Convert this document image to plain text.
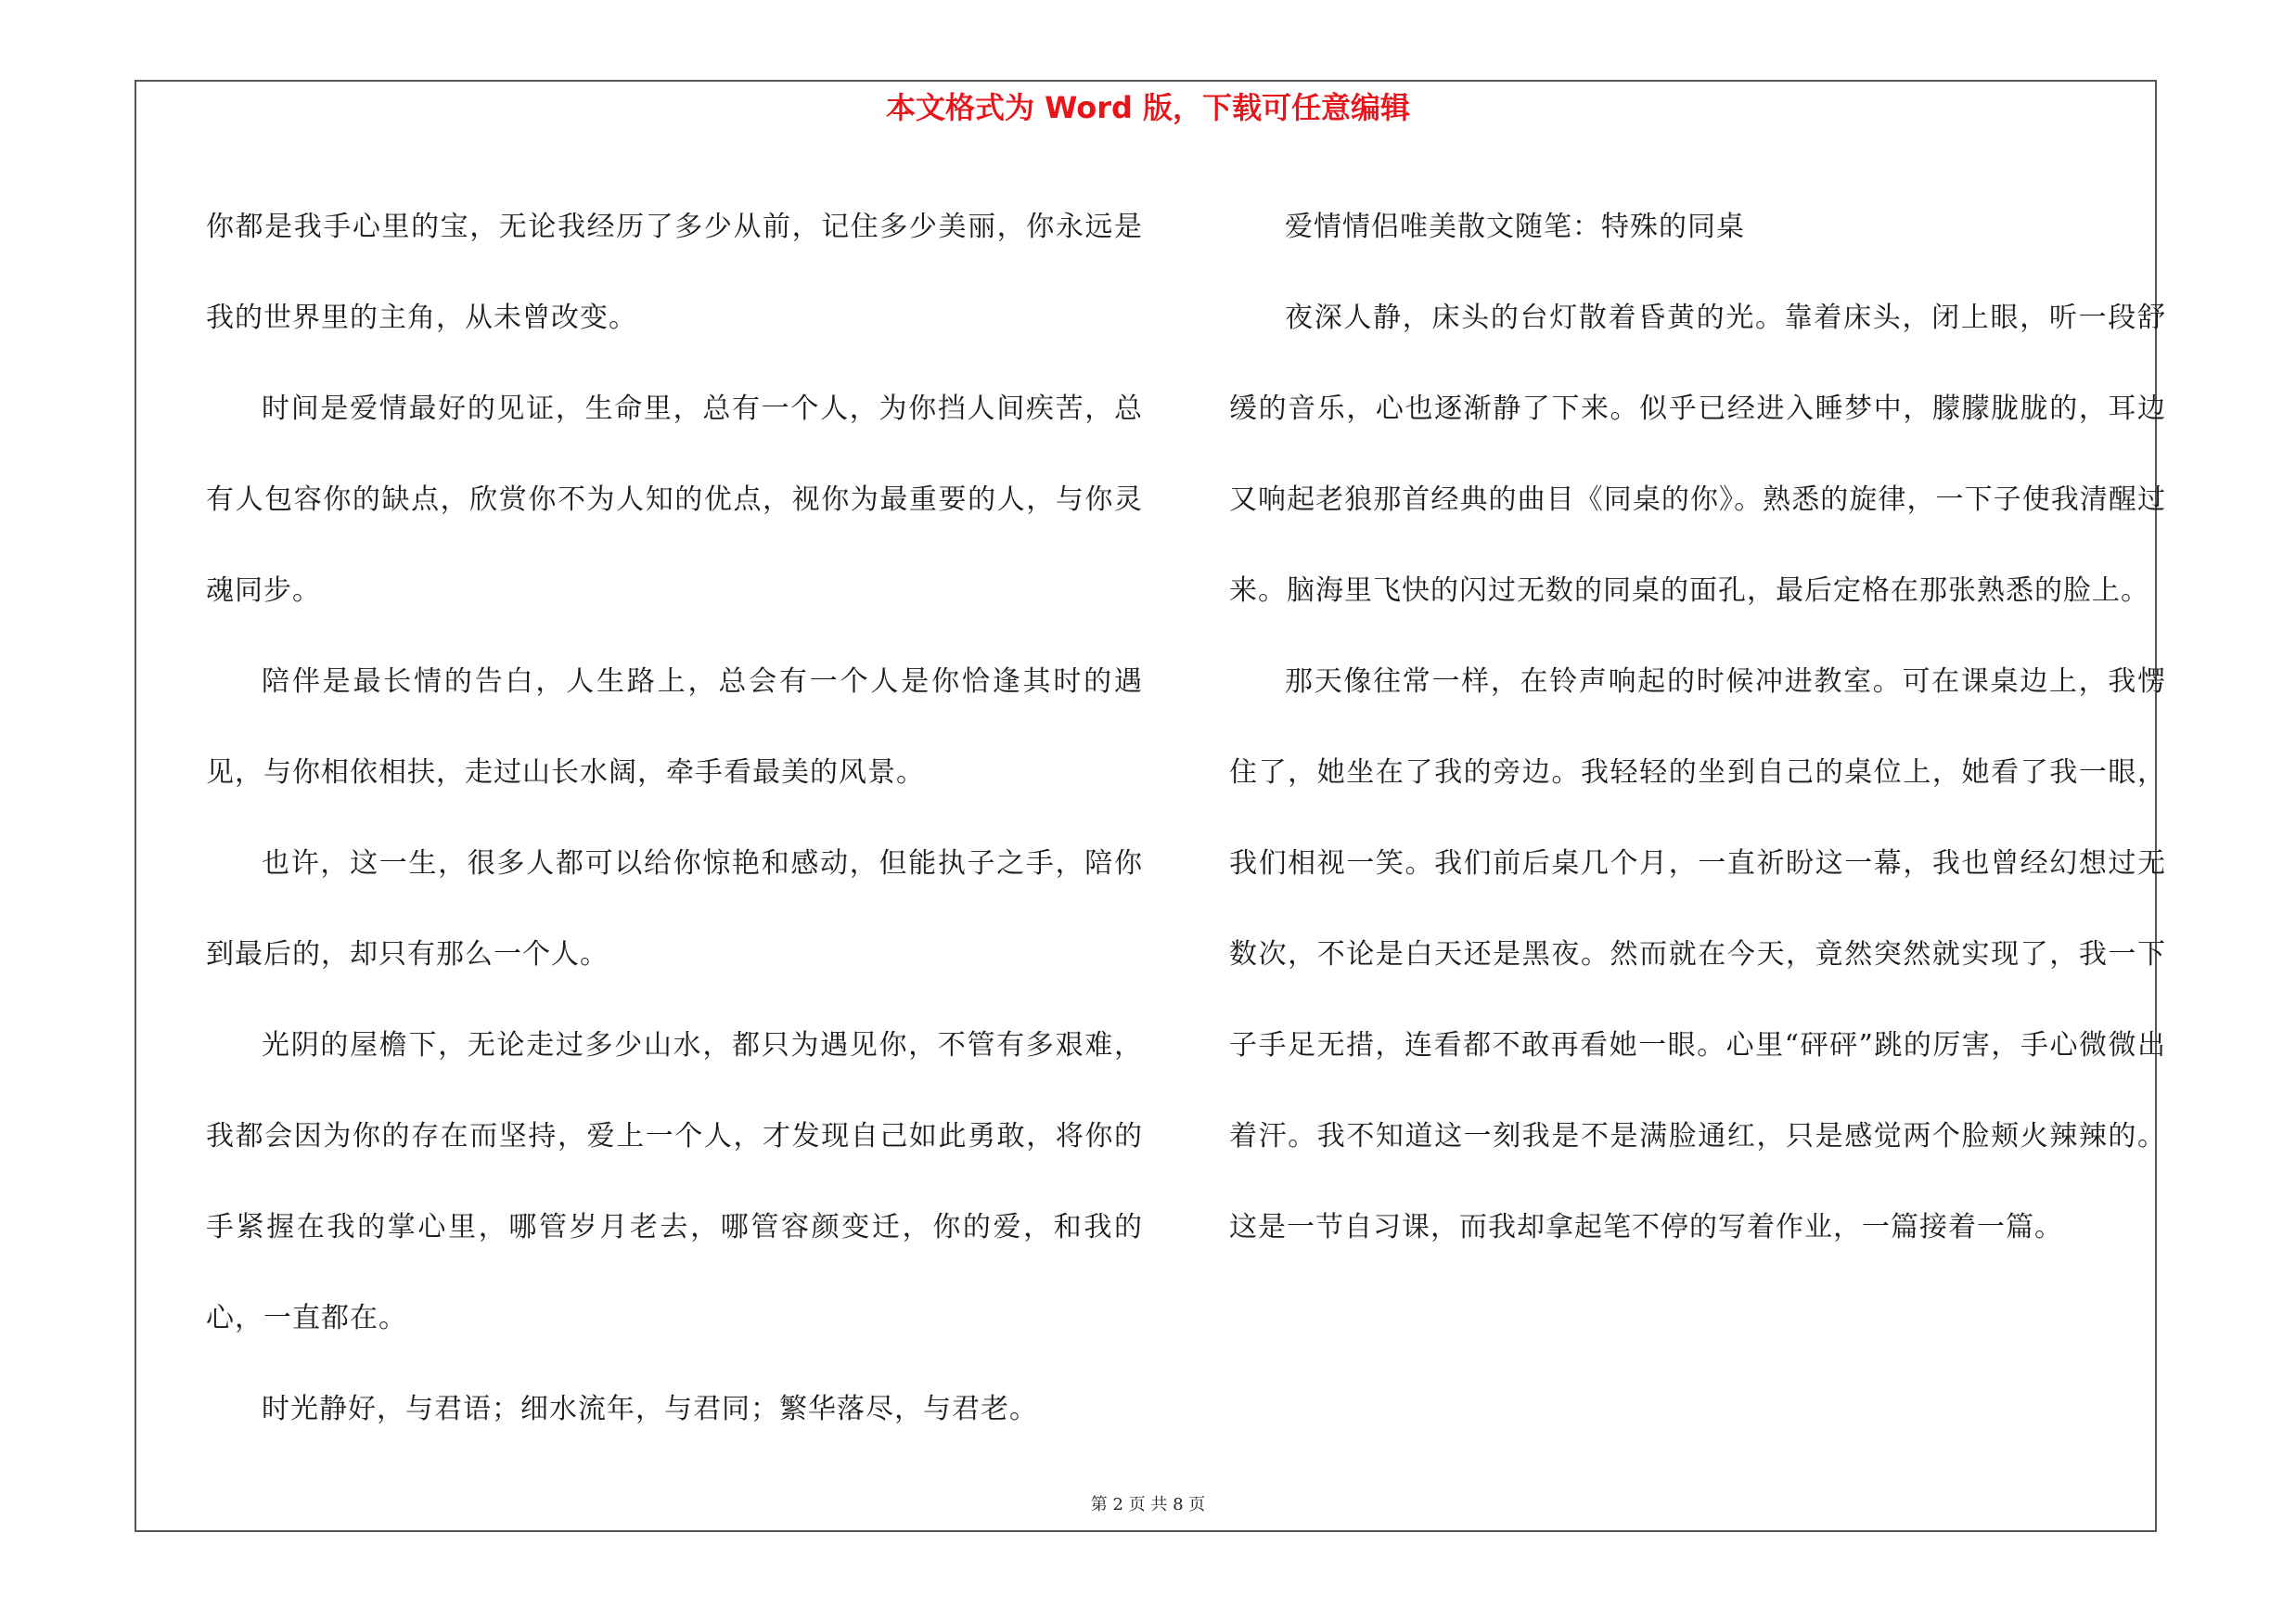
本文格式为 Word 版，下载可任意编辑

你都是我手心里的宝，无论我经历了多少从前，记住多少美丽，你永远是我的世界里的主角，从未曾改变。

时间是爱情最好的见证，生命里，总有一个人，为你挡人间疾苦，总有人包容你的缺点，欣赏你不为人知的优点，视你为最重要的人，与你灵魂同步。

陪伴是最长情的告白，人生路上，总会有一个人是你恰逢其时的遇见，与你相依相扶，走过山长水阔，牵手看最美的风景。

也许，这一生，很多人都可以给你惊艳和感动，但能执子之手，陪你到最后的，却只有那么一个人。

光阴的屋檐下，无论走过多少山水，都只为遇见你，不管有多艰难，我都会因为你的存在而坚持，爱上一个人，才发现自己如此勇敢，将你的手紧握在我的掌心里，哪管岁月老去，哪管容颜变迁，你的爱，和我的心，一直都在。

时光静好，与君语；细水流年，与君同；繁华落尽，与君老。

爱情情侣唯美散文随笔：特殊的同桌

夜深人静，床头的台灯散着昏黄的光。靠着床头，闭上眼，听一段舒缓的音乐，心也逐渐静了下来。似乎已经进入睡梦中，朦朦胧胧的，耳边又响起老狼那首经典的曲目《同桌的你》。熟悉的旋律，一下子使我清醒过来。脑海里飞快的闪过无数的同桌的面孔，最后定格在那张熟悉的脸上。

那天像往常一样，在铃声响起的时候冲进教室。可在课桌边上，我愣住了，她坐在了我的旁边。我轻轻的坐到自己的桌位上，她看了我一眼，我们相视一笑。我们前后桌几个月，一直祈盼这一幕，我也曾经幻想过无数次，不论是白天还是黑夜。然而就在今天，竟然突然就实现了，我一下子手足无措，连看都不敢再看她一眼。心里“砰砰”跳的厉害，手心微微出着汗。我不知道这一刻我是不是满脸通红，只是感觉两个脸颊火辣辣的。这是一节自习课，而我却拿起笔不停的写着作业，一篇接着一篇。

第 2 页 共 8 页
